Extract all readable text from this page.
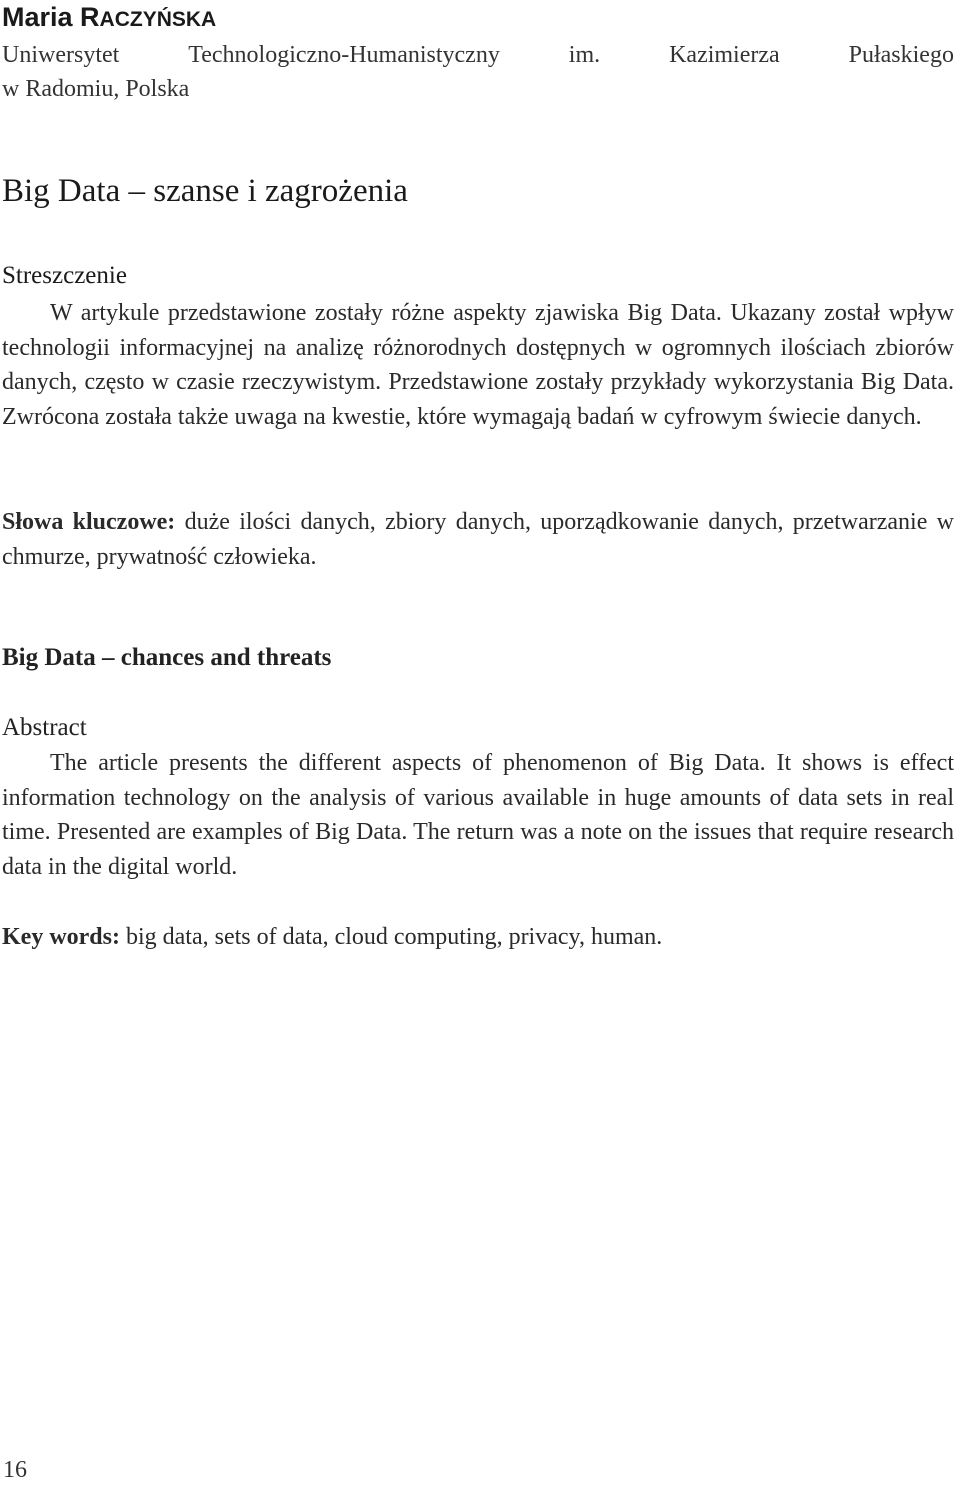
Maria RACZYŃSKA
Uniwersytet	Technologiczno-Humanistyczny	im.	Kazimierza	Pułaskiego
w Radomiu, Polska
Big Data – szanse i zagrożenia
Streszczenie
W artykule przedstawione zostały różne aspekty zjawiska Big Data. Ukazany został wpływ technologii informacyjnej na analizę różnorodnych dostępnych w ogromnych ilościach zbiorów danych, często w czasie rzeczywistym. Przedstawione zostały przykłady wykorzystania Big Data. Zwrócona została także uwaga na kwestie, które wymagają badań w cyfrowym świecie danych.
Słowa kluczowe: duże ilości danych, zbiory danych, uporządkowanie danych, przetwarzanie w chmurze, prywatność człowieka.
Big Data – chances and threats
Abstract
The article presents the different aspects of phenomenon of Big Data. It shows is effect information technology on the analysis of various available in huge amounts of data sets in real time. Presented are examples of Big Data. The return was a note on the issues that require research data in the digital world.
Key words: big data, sets of data, cloud computing, privacy, human.
16
